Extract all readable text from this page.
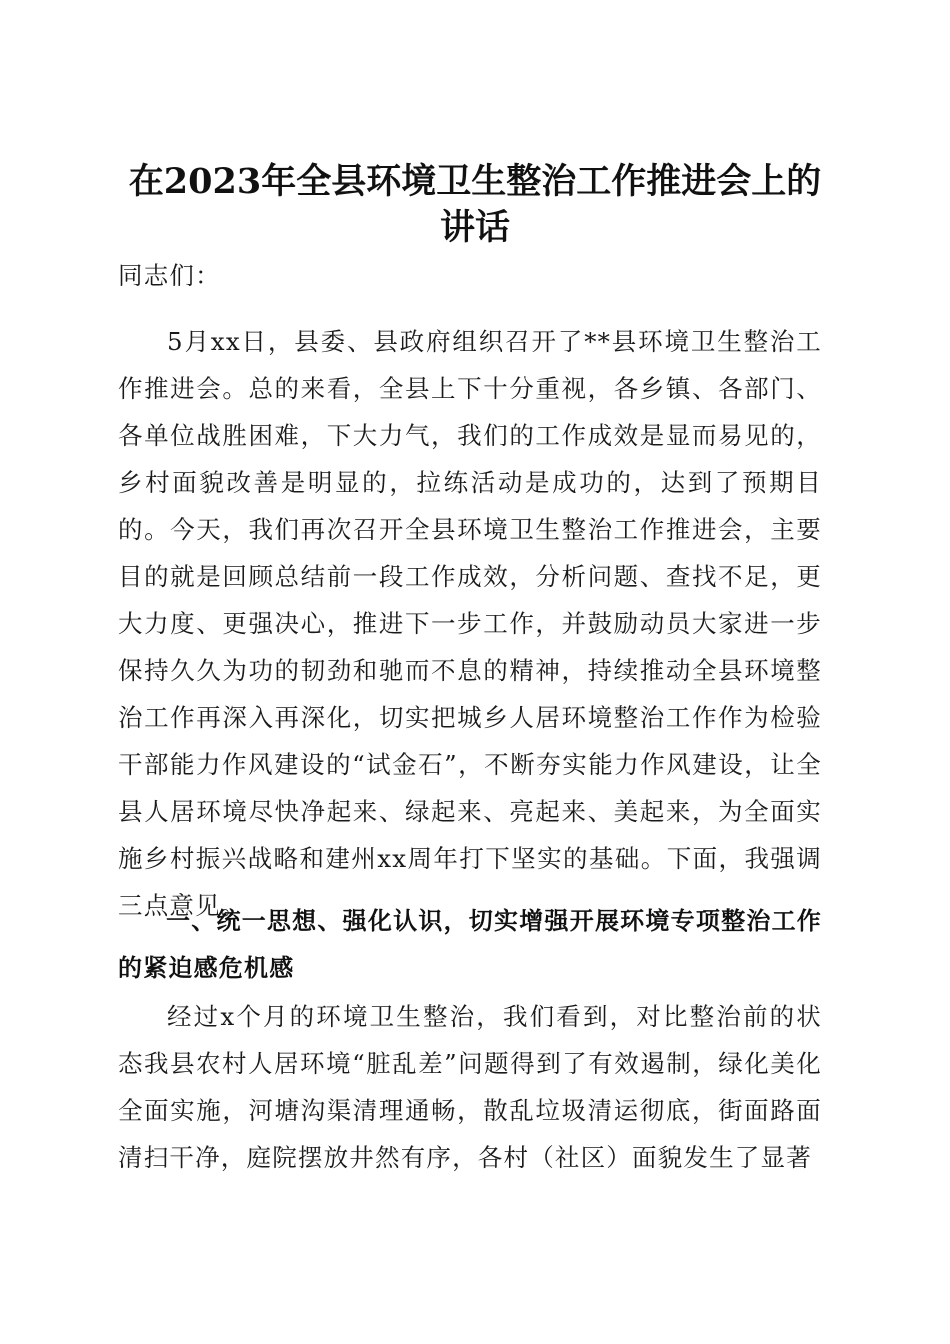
在2023年全县环境卫生整治工作推进会上的讲话

同志们：

5月xx日，县委、县政府组织召开了**县环境卫生整治工作推进会。总的来看，全县上下十分重视，各乡镇、各部门、各单位战胜困难，下大力气，我们的工作成效是显而易见的，乡村面貌改善是明显的，拉练活动是成功的，达到了预期目的。今天，我们再次召开全县环境卫生整治工作推进会，主要目的就是回顾总结前一段工作成效，分析问题、查找不足，更大力度、更强决心，推进下一步工作，并鼓励动员大家进一步保持久久为功的韧劲和驰而不息的精神，持续推动全县环境整治工作再深入再深化，切实把城乡人居环境整治工作作为检验干部能力作风建设的“试金石”，不断夯实能力作风建设，让全县人居环境尽快净起来、绿起来、亮起来、美起来，为全面实施乡村振兴战略和建州xx周年打下坚实的基础。下面，我强调三点意见。

一、统一思想、强化认识，切实增强开展环境专项整治工作的紧迫感危机感

经过x个月的环境卫生整治，我们看到，对比整治前的状态我县农村人居环境“脏乱差”问题得到了有效遏制，绿化美化全面实施，河塘沟渠清理通畅，散乱垃圾清运彻底，街面路面清扫干净，庭院摆放井然有序，各村（社区）面貌发生了显著
